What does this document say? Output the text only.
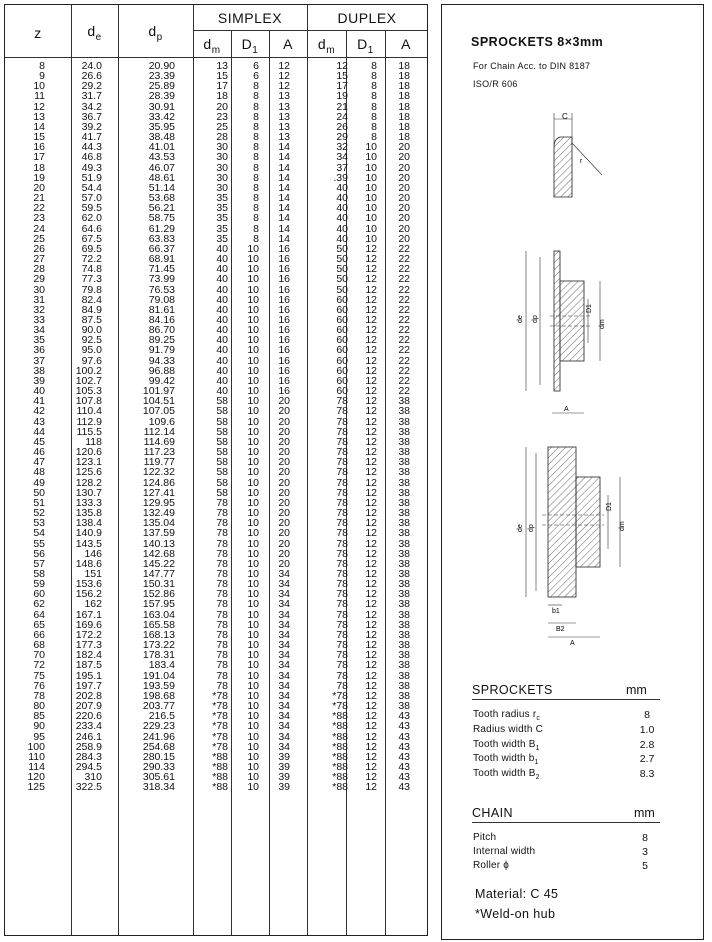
z	$d_e$	$d_p$
SIMPLEX	DUPLEX
$d_m$	$D_1$	A	$d_m$	$D_1$	A
8	24.0	20.90	13 6 12	12 8 18
9	26.6	23.39	15 6 12	15 8 18
10	29.2	25.89	17 8 12	17 8 18
11	31.7	28.39	18 8 13	19 8 18
12	34.2	30.91	20 8 13	21 8 18
13	36.7	33.42	23 8 13	24 8 18
14	39.2	35.95	25 8 13	26 8 18
15	41.7	38.48	28 8 13	29 8 18
16	44.3	41.01	30 8 14	32 10 20
17	46.8	43.53	30 8 14	34 10 20
18	49.3	46.07	30 8 14	37 10 20
19	51.9	48.61	30 8 14	.39 10 20
20	54.4	51.14	30 8 14	40 10 20
21	57.0	53.68	35 8 14	40 10 20
22	59.5	56.21	35 8 14	40 10 20
23	62.0	58.75	35 8 14	40 10 20
24	64.6	61.29	35 8 14	40 10 20
25	67.5	63.83	35 8 14	40 10 20
26	69.5	66.37	40 10 16	50 12 22
27	72.2	68.91	40 10 16	50 12 22
28	74.8	71.45	40 10 16	50 12 22
29	77.3	73.99	40 10 16	50 12 22
30	79.8	76.53	40 10 16	50 12 22
31	82.4	79.08	40 10 16	60 12 22
32	84.9	81.61	40 10 16	60 12 22
33	87.5	84.16	40 10 16	60 12 22
34	90.0	86.70	40 10 16	60 12 22
35	92.5	89.25	40 10 16	60 12 22
36	95.0	91.79	40 10 16	60 12 22
37	97.6	94.33	40 10 16	60 12 22
38	100.2	96.88	40 10 16	60 12 22
39	102.7	99.42	40 10 16	60 12 22
40	105.3	101.97	40 10 16	60 12 22
41	107.8	104.51	58 10 20	78 12 38
42	110.4	107.05	58 10 20	78 12 38
43	112.9	109.6	58 10 20	78 12 38
44	115.5	112.14	58 10 20	78 12 38
45	118	114.69	58 10 20	78 12 38
46	120.6	117.23	58 10 20	78 12 38
47	123.1	119.77	58 10 20	78 12 38
48	125.6	122.32	58 10 20	78 12 38
49	128.2	124.86	58 10 20	78 12 38
50	130.7	127.41	58 10 20	78 12 38
51	133.3	129.95	78 10 20	78 12 38
52	135.8	132.49	78 10 20	78 12 38
53	138.4	135.04	78 10 20	78 12 38
54	140.9	137.59	78 10 20	78 12 38
55	143.5	140.13	78 10 20	78 12 38
56	146	142.68	78 10 20	78 12 38
57	148.6	145.22	78 10 20	78 12 38
58	151	147.77	78 10 34	78 12 38
59	153.6	150.31	78 10 34	78 12 38
60	156.2	152.86	78 10 34	78 12 38
62	162	157.95	78 10 34	78 12 38
64	167.1	163.04	78 10 34	78 12 38
65	169.6	165.58	78 10 34	78 12 38
66	172.2	168.13	78 10 34	78 12 38
68	177.3	173.22	78 10 34	78 12 38
70	182.4	178.31	78 10 34	78 12 38
72	187.5	183.4	78 10 34	78 12 38
75	195.1	191.04	78 10 34	78 12 38
76	197.7	193.59	78 10 34	78 12 38
78	202.8	198.68	*78 10 34	*78 12 38
80	207.9	203.77	*78 10 34	*78 12 38
85	220.6	216.5	*78 10 34	*88 12 43
90	233.4	229.23	*78 10 34	*88 12 43
95	246.1	241.96	*78 10 34	*88 12 43
100	258.9	254.68	*78 10 34	*88 12 43
110	284.3	280.15	*88 10 39	*88 12 43
114	294.5	290.33	*88 10 39	*88 12 43
120	310	305.61	*88 10 39	*88 12 43
125	322.5	318.34	*88 10 39	*88 12 43
SPROCKETS 8×3mm
For Chain Acc. to DIN 8187
ISO/R 606
C
r
de dp
dm
D1
A
de dp	dm
D1
b1
B2
A
SPROCKETS	mm
Tooth radius $r_c$	8
Radius width C	1.0
Tooth width $B_1$	2.8
Tooth width $b_1$	2.7
Tooth width $B_2$	8.3
CHAIN	mm
Pitch	8
Internal width	3
Roller ϕ	5
Material: C 45
*Weld-on hub
